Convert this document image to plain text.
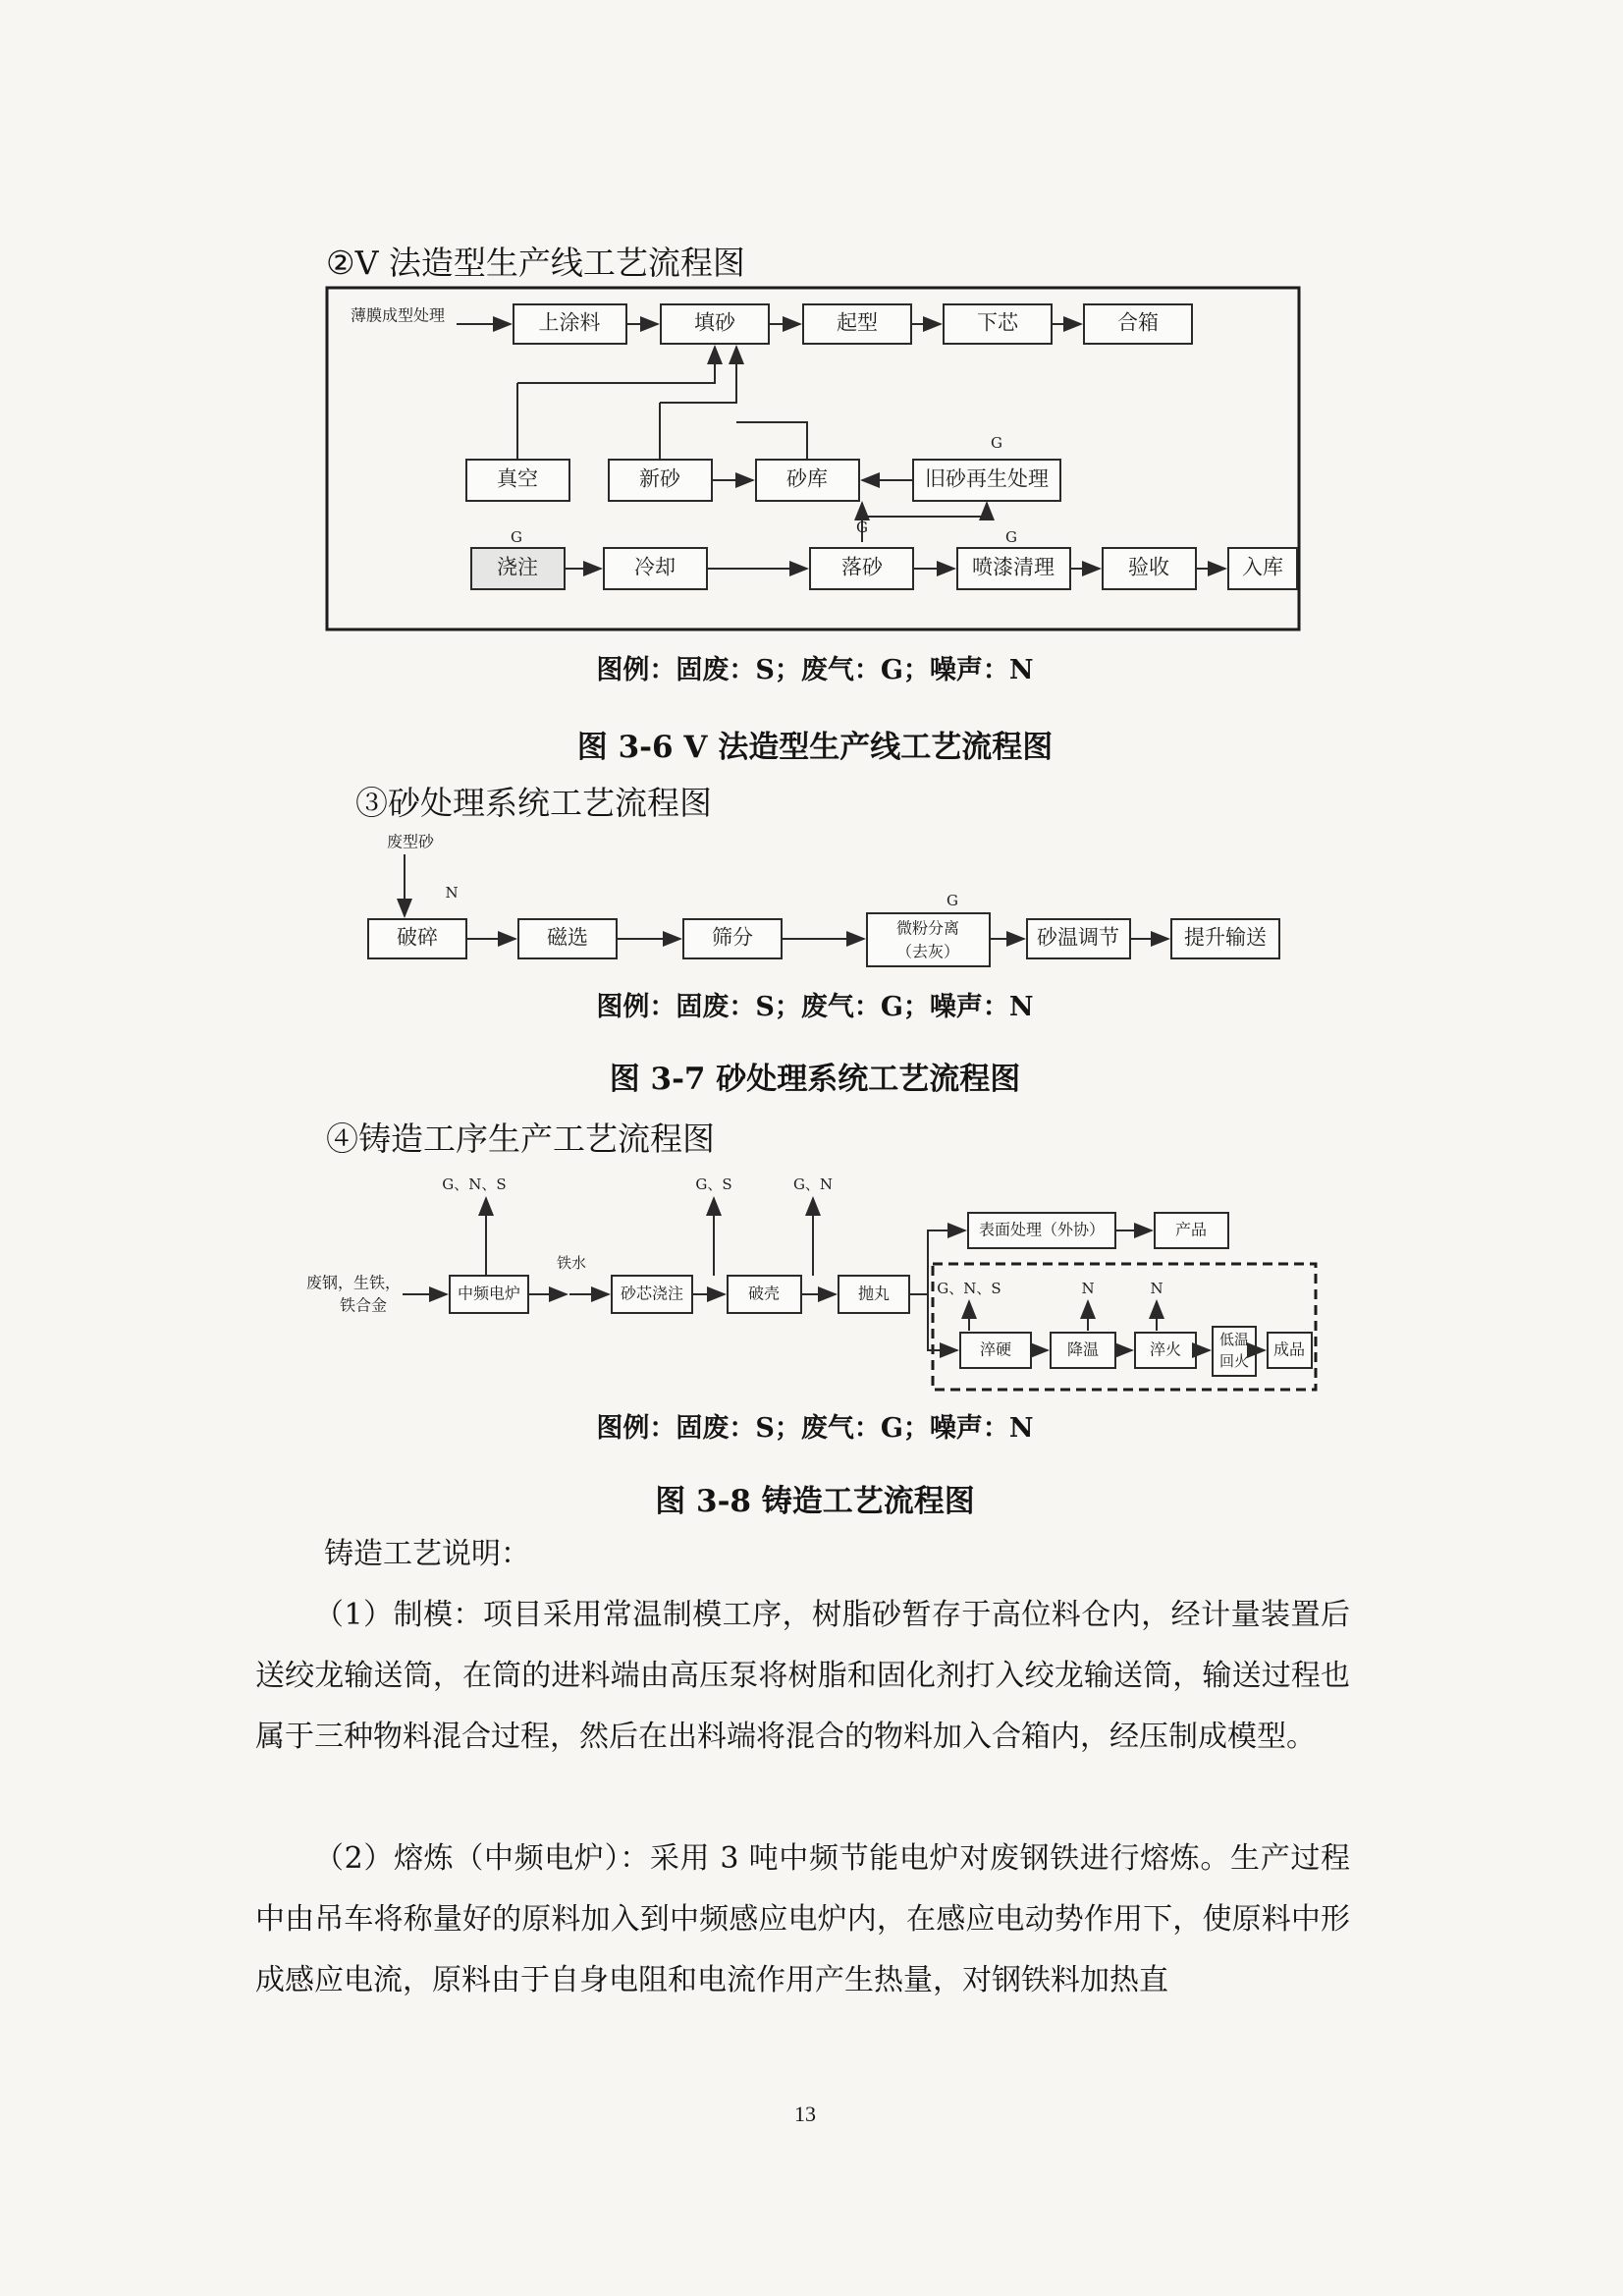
②V 法造型生产线工艺流程图
薄膜成型处理	上涂料	填砂	起型	下芯	合箱
真空	新砂	砂库	旧砂再生处理
G
G
G
G
浇注	冷却	落砂	喷漆清理	验收	入库
图例：固废：S；废气：G；噪声：N
图 3-6 V 法造型生产线工艺流程图
③砂处理系统工艺流程图
废型砂
N	G
破碎	磁选	筛分	微粉分离
（去灰）
砂温调节	提升输送
图例：固废：S；废气：G；噪声：N
图 3-7 砂处理系统工艺流程图
④铸造工序生产工艺流程图
废钢，生铁，
铁合金
G、N、S
中频电炉
铁水
砂芯浇注
G、S
破壳
G、N
抛丸
表面处理（外协）	产品
G、N、S	N	N
淬硬	降温	淬火
低温
回火
成品
图例：固废：S；废气：G；噪声：N
图 3-8 铸造工艺流程图
铸造工艺说明：
（1）制模：项目采用常温制模工序，树脂砂暂存于高位料仓内，经计量装置后送绞龙输送筒，在筒的进料端由高压泵将树脂和固化剂打入绞龙输送筒，输送过程也属于三种物料混合过程，然后在出料端将混合的物料加入合箱内，经压制成模型。
（2）熔炼（中频电炉）：采用 3 吨中频节能电炉对废钢铁进行熔炼。生产过程中由吊车将称量好的原料加入到中频感应电炉内，在感应电动势作用下，使原料中形成感应电流，原料由于自身电阻和电流作用产生热量，对钢铁料加热直
13
